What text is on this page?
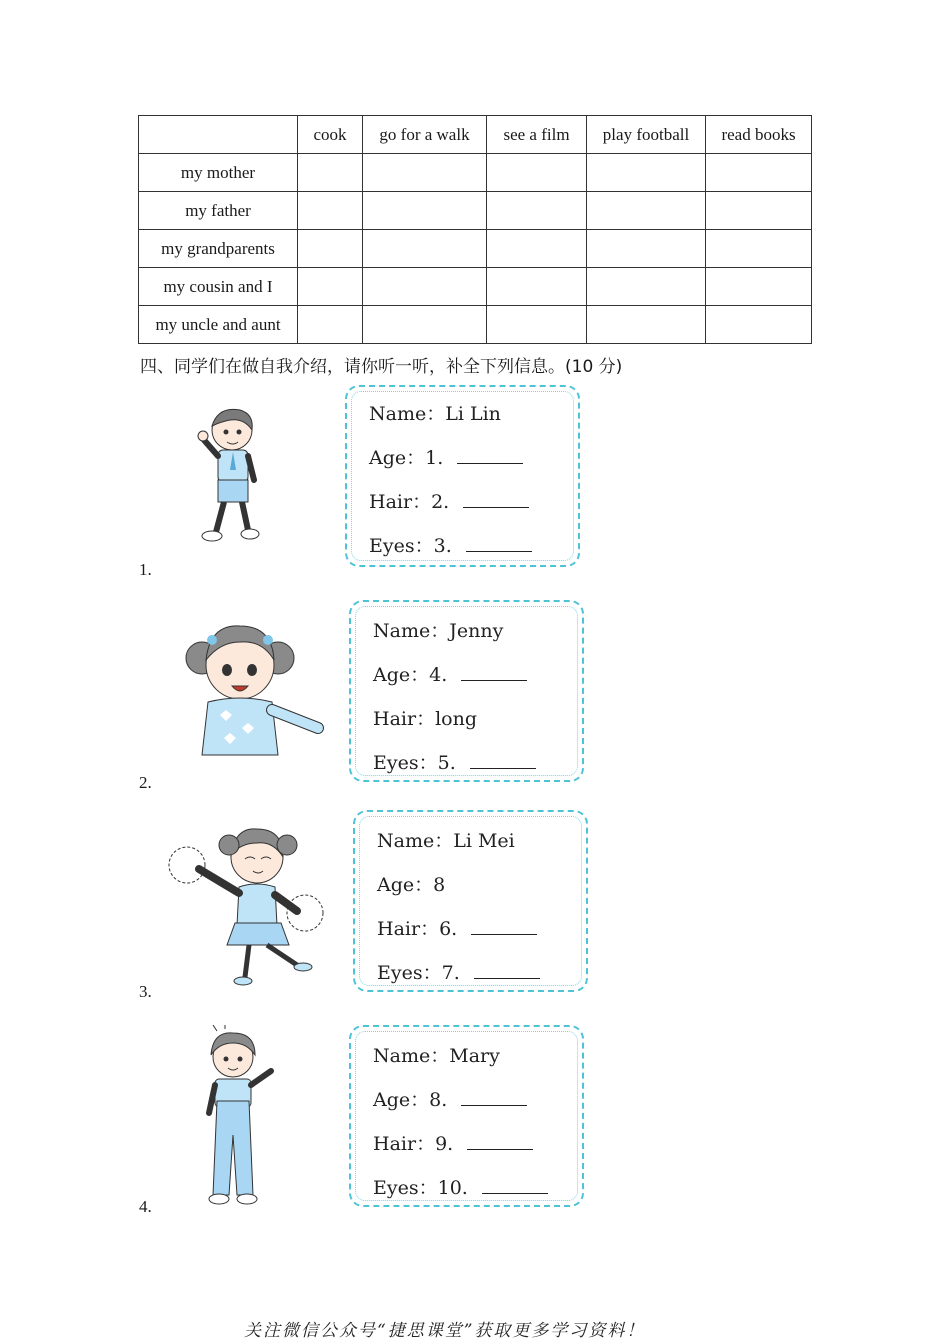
	cook	go for a walk	see a film	play football	read books
my mother					
my father					
my grandparents					
my cousin and I					
my uncle and aunt					
四、同学们在做自我介绍，请你听一听，补全下列信息。(10 分)
1.
Name ： Li Lin
Age ： 1.
Hair ： 2.
Eyes ： 3.
2.
Name ： Jenny
Age ： 4.
Hair ： long
Eyes ： 5.
3.
Name ： Li Mei
Age ： 8
Hair ： 6.
Eyes ： 7.
4.
Name ： Mary
Age ： 8.
Hair ： 9.
Eyes ： 10.
关注微信公众号“捷思课堂”获取更多学习资料！
